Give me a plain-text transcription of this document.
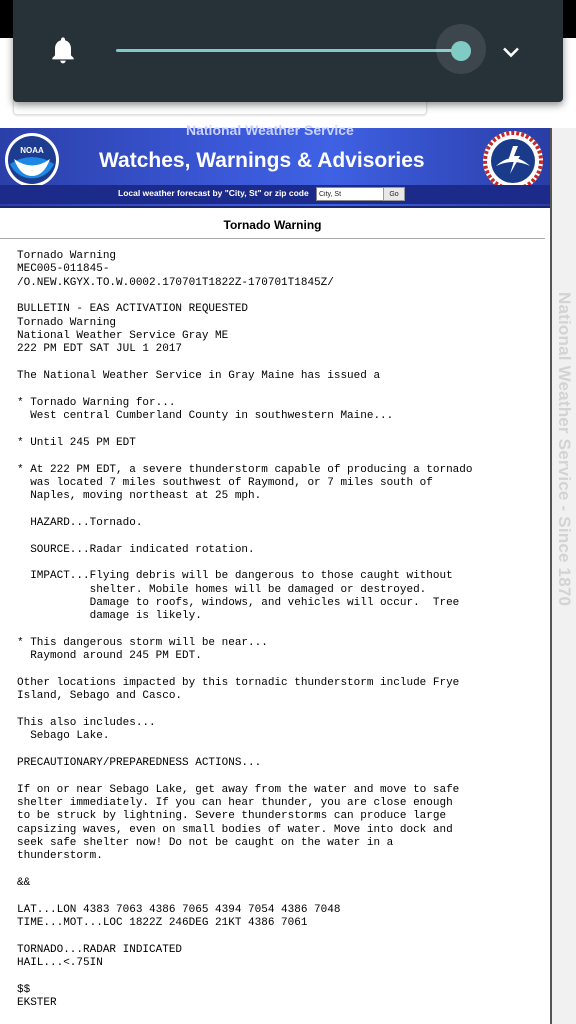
National Weather Service
NOAA	Watches, Warnings & Advisories
Local weather forecast by "City, St" or zip code
City, St	Go
Tornado Warning
Tornado Warning
MEC005-011845-
/O.NEW.KGYX.TO.W.0002.170701T1822Z-170701T1845Z/

BULLETIN - EAS ACTIVATION REQUESTED
Tornado Warning
National Weather Service Gray ME
222 PM EDT SAT JUL 1 2017

The National Weather Service in Gray Maine has issued a

* Tornado Warning for...
West central Cumberland County in southwestern Maine...

* Until 245 PM EDT

* At 222 PM EDT, a severe thunderstorm capable of producing a tornado
was located 7 miles southwest of Raymond, or 7 miles south of
Naples, moving northeast at 25 mph.

HAZARD...Tornado.

SOURCE...Radar indicated rotation.

IMPACT...Flying debris will be dangerous to those caught without
shelter. Mobile homes will be damaged or destroyed.
Damage to roofs, windows, and vehicles will occur.  Tree
damage is likely.

* This dangerous storm will be near...
Raymond around 245 PM EDT.

Other locations impacted by this tornadic thunderstorm include Frye
Island, Sebago and Casco.

This also includes...
Sebago Lake.

PRECAUTIONARY/PREPAREDNESS ACTIONS...

If on or near Sebago Lake, get away from the water and move to safe
shelter immediately. If you can hear thunder, you are close enough
to be struck by lightning. Severe thunderstorms can produce large
capsizing waves, even on small bodies of water. Move into dock and
seek safe shelter now! Do not be caught on the water in a
thunderstorm.

&&

LAT...LON 4383 7063 4386 7065 4394 7054 4386 7048
TIME...MOT...LOC 1822Z 246DEG 21KT 4386 7061

TORNADO...RADAR INDICATED
HAIL...<.75IN

$$
EKSTER
National Weather Service - Since 1870
